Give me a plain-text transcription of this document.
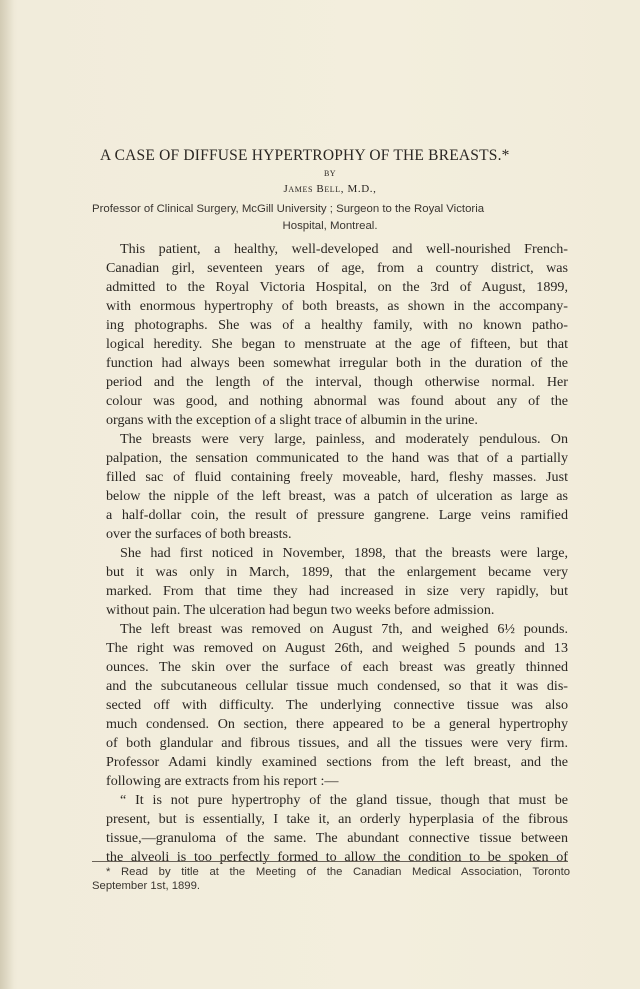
A CASE OF DIFFUSE HYPERTROPHY OF THE BREASTS.*
BY
James Bell, M.D.,
Professor of Clinical Surgery, McGill University ; Surgeon to the Royal Victoria
Hospital, Montreal.
This patient, a healthy, well-developed and well-nourished French-
Canadian girl, seventeen years of age, from a country district, was
admitted to the Royal Victoria Hospital, on the 3rd of August, 1899,
with enormous hypertrophy of both breasts, as shown in the accompany-
ing photographs. She was of a healthy family, with no known patho-
logical heredity. She began to menstruate at the age of fifteen, but that
function had always been somewhat irregular both in the duration of the
period and the length of the interval, though otherwise normal. Her
colour was good, and nothing abnormal was found about any of the
organs with the exception of a slight trace of albumin in the urine.
The breasts were very large, painless, and moderately pendulous. On
palpation, the sensation communicated to the hand was that of a partially
filled sac of fluid containing freely moveable, hard, fleshy masses. Just
below the nipple of the left breast, was a patch of ulceration as large as
a half-dollar coin, the result of pressure gangrene. Large veins ramified
over the surfaces of both breasts.
She had first noticed in November, 1898, that the breasts were large,
but it was only in March, 1899, that the enlargement became very
marked. From that time they had increased in size very rapidly, but
without pain. The ulceration had begun two weeks before admission.
The left breast was removed on August 7th, and weighed 6½ pounds.
The right was removed on August 26th, and weighed 5 pounds and 13
ounces. The skin over the surface of each breast was greatly thinned
and the subcutaneous cellular tissue much condensed, so that it was dis-
sected off with difficulty. The underlying connective tissue was also
much condensed. On section, there appeared to be a general hypertrophy
of both glandular and fibrous tissues, and all the tissues were very firm.
Professor Adami kindly examined sections from the left breast, and the
following are extracts from his report :—
“ It is not pure hypertrophy of the gland tissue, though that must be
present, but is essentially, I take it, an orderly hyperplasia of the fibrous
tissue,—granuloma of the same. The abundant connective tissue between
the alveoli is too perfectly formed to allow the condition to be spoken of
* Read by title at the Meeting of the Canadian Medical Association, Toronto
September 1st, 1899.
